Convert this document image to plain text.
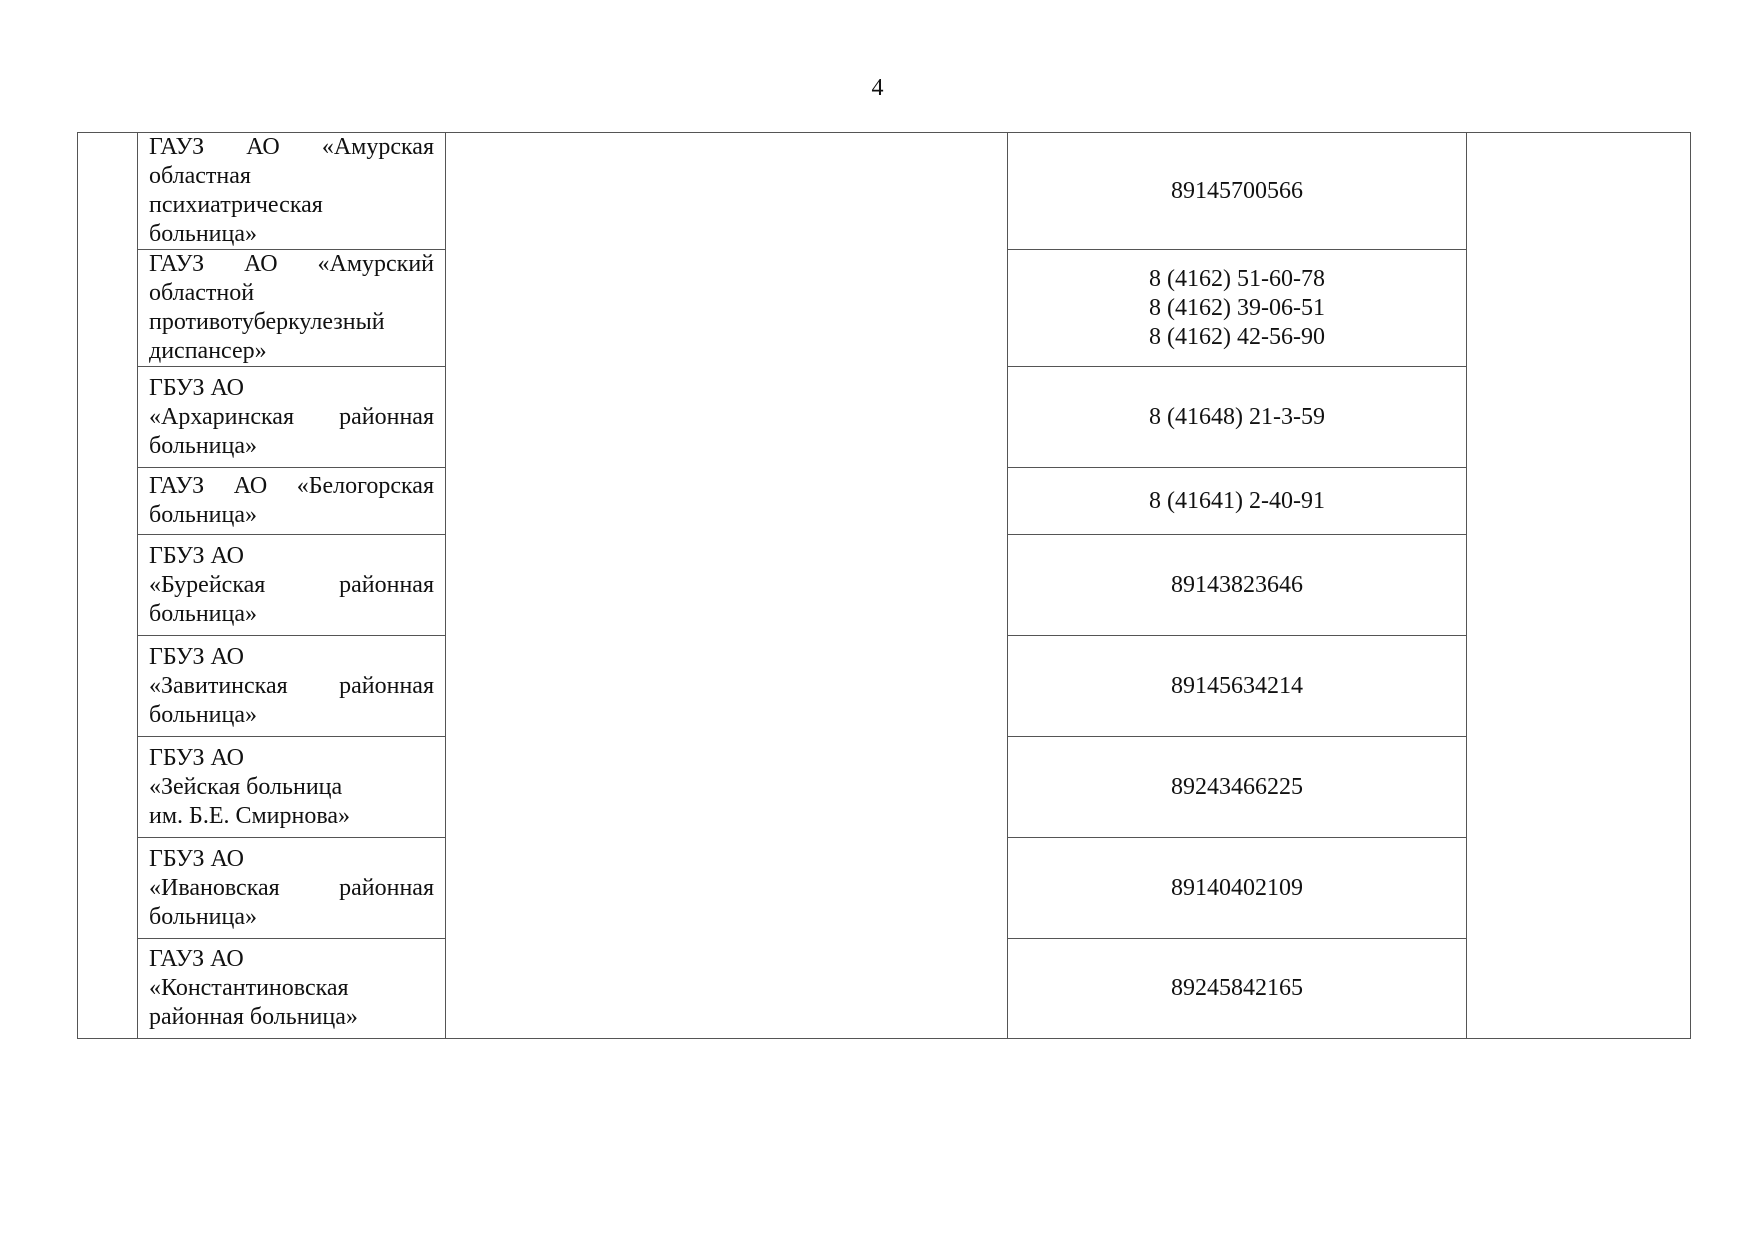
4

	ГАУЗ АО «Амурская
областная
психиатрическая
больница»		89145700566	

	ГАУЗ АО «Амурский
областной
противотуберкулезный
диспансер»		8 (4162) 51-60-78
8 (4162) 39-06-51
8 (4162) 42-56-90	

	ГБУЗ АО
«Архаринская районная
больница»		8 (41648) 21-3-59	

	ГАУЗ АО «Белогорская
больница»		8 (41641) 2-40-91	

	ГБУЗ АО
«Бурейская районная
больница»		89143823646	

	ГБУЗ АО
«Завитинская районная
больница»		89145634214	

	ГБУЗ АО
«Зейская больница
им. Б.Е. Смирнова»		89243466225	

	ГБУЗ АО
«Ивановская районная
больница»		89140402109	

	ГАУЗ АО
«Константиновская
районная больница»		89245842165	
